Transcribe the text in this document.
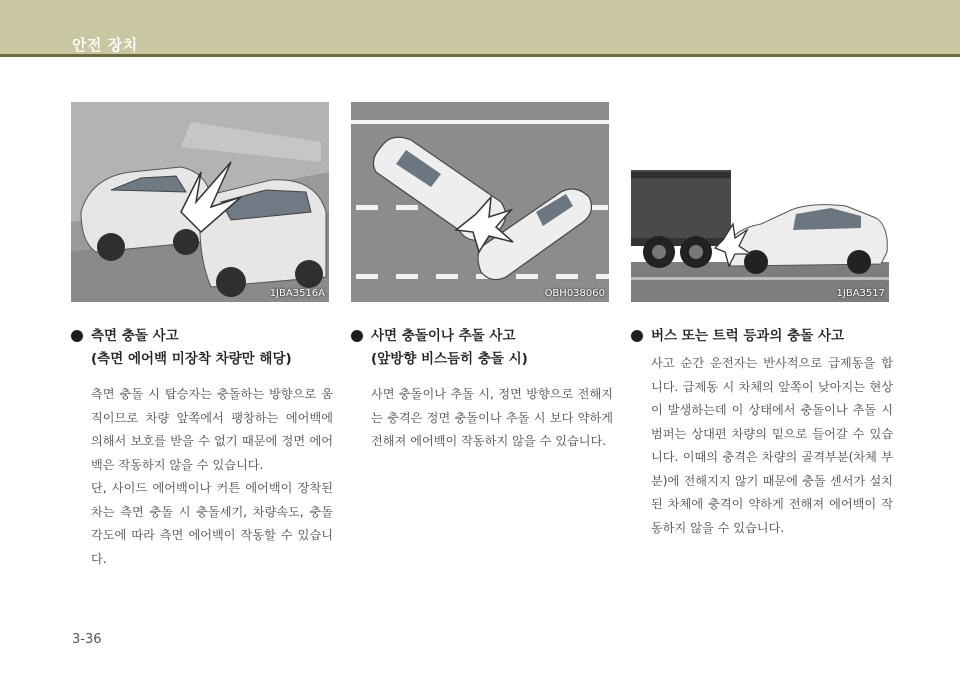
안전 장치
1JBA3516A	OBH038060	1JBA3517
측면 충돌 사고
(측면 에어백 미장착 차량만 해당)
측면 충돌 시 탑승자는 충돌하는 방향으로 움직이므로 차량 앞쪽에서 팽창하는 에어백에 의해서 보호를 받을 수 없기 때문에 정면 에어백은 작동하지 않을 수 있습니다.
단, 사이드 에어백이나 커튼 에어백이 장착된 차는 측면 충돌 시 충돌세기, 차량속도, 충돌각도에 따라 측면 에어백이 작동할 수 있습니다.
사면 충돌이나 추돌 사고
(앞방향 비스듬히 충돌 시)
사면 충돌이나 추돌 시, 정면 방향으로 전해지는 충격은 정면 충돌이나 추돌 시 보다 약하게 전해져 에어백이 작동하지 않을 수 있습니다.
버스 또는 트럭 등과의 충돌 사고
사고 순간 운전자는 반사적으로 급제동을 합니다. 급제동 시 차체의 앞쪽이 낮아지는 현상이 발생하는데 이 상태에서 충돌이나 추돌 시 범퍼는 상대편 차량의 밑으로 들어갈 수 있습니다. 이때의 충격은 차량의 골격부분(차체 부분)에 전해지지 않기 때문에 충돌 센서가 설치된 차체에 충격이 약하게 전해져 에어백이 작동하지 않을 수 있습니다.
3-36
